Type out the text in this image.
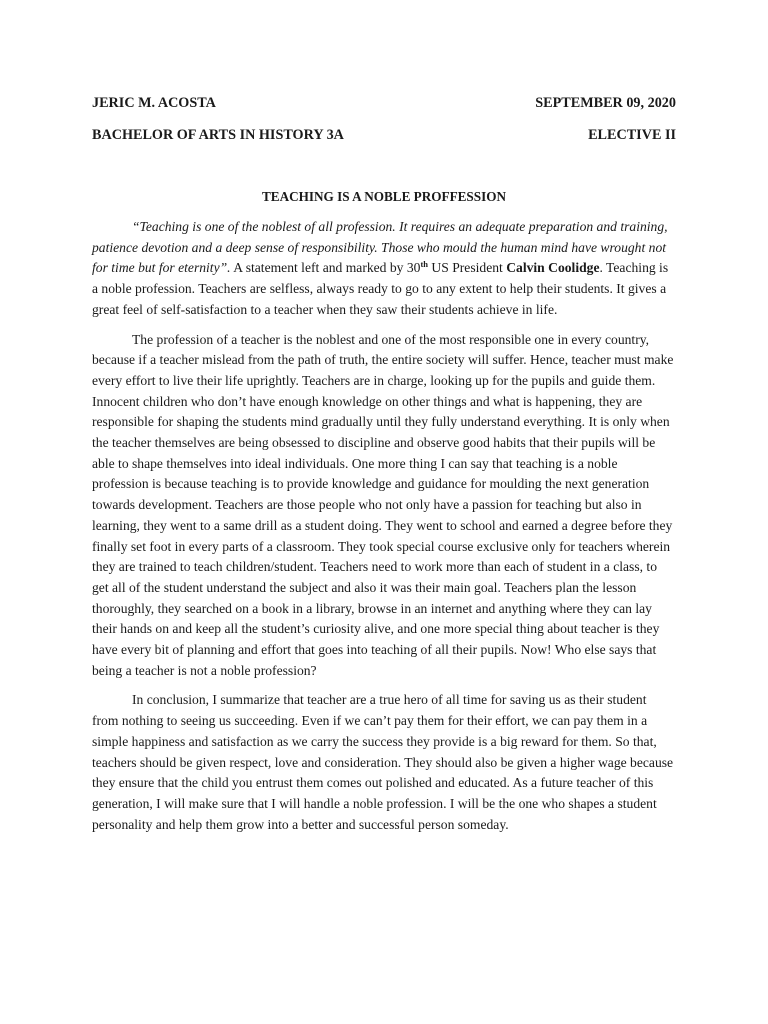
JERIC M. ACOSTA	SEPTEMBER 09, 2020
BACHELOR OF ARTS IN HISTORY 3A	ELECTIVE II
TEACHING IS A NOBLE PROFFESSION

“Teaching is one of the noblest of all profession. It requires an adequate preparation and training, patience devotion and a deep sense of responsibility. Those who mould the human mind have wrought not for time but for eternity”. A statement left and marked by 30th US President Calvin Coolidge. Teaching is a noble profession. Teachers are selfless, always ready to go to any extent to help their students. It gives a great feel of self-satisfaction to a teacher when they saw their students achieve in life.

The profession of a teacher is the noblest and one of the most responsible one in every country, because if a teacher mislead from the path of truth, the entire society will suffer. Hence, teacher must make every effort to live their life uprightly. Teachers are in charge, looking up for the pupils and guide them. Innocent children who don’t have enough knowledge on other things and what is happening, they are responsible for shaping the students mind gradually until they fully understand everything. It is only when the teacher themselves are being obsessed to discipline and observe good habits that their pupils will be able to shape themselves into ideal individuals. One more thing I can say that teaching is a noble profession is because teaching is to provide knowledge and guidance for moulding the next generation towards development. Teachers are those people who not only have a passion for teaching but also in learning, they went to a same drill as a student doing. They went to school and earned a degree before they finally set foot in every parts of a classroom. They took special course exclusive only for teachers wherein they are trained to teach children/student. Teachers need to work more than each of student in a class, to get all of the student understand the subject and also it was their main goal. Teachers plan the lesson thoroughly, they searched on a book in a library, browse in an internet and anything where they can lay their hands on and keep all the student’s curiosity alive, and one more special thing about teacher is they have every bit of planning and effort that goes into teaching of all their pupils. Now! Who else says that being a teacher is not a noble profession?

In conclusion, I summarize that teacher are a true hero of all time for saving us as their student from nothing to seeing us succeeding. Even if we can’t pay them for their effort, we can pay them in a simple happiness and satisfaction as we carry the success they provide is a big reward for them. So that, teachers should be given respect, love and consideration. They should also be given a higher wage because they ensure that the child you entrust them comes out polished and educated. As a future teacher of this generation, I will make sure that I will handle a noble profession. I will be the one who shapes a student personality and help them grow into a better and successful person someday.
